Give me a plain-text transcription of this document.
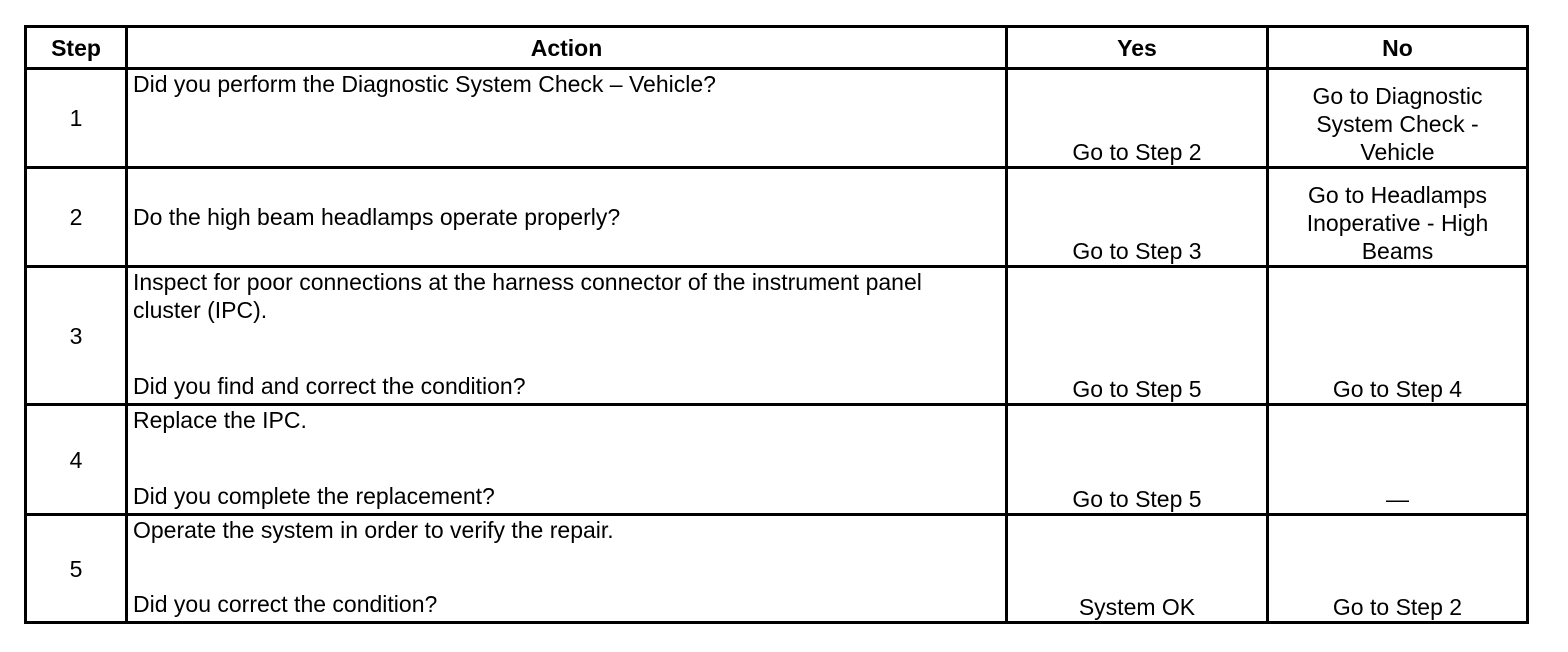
Step	Action	Yes	No
1	Did you perform the Diagnostic System Check – Vehicle?	Go to Step 2	Go to Diagnostic
System Check -
Vehicle

2	Do the high beam headlamps operate properly?	Go to Step 3	Go to Headlamps
Inoperative - High
Beams

3	Inspect for poor connections at the harness connector of the instrument panel
cluster (IPC).
Did you find and correct the condition?	Go to Step 5	Go to Step 4
4	Replace the IPC.
Did you complete the replacement?	Go to Step 5	—
5	Operate the system in order to verify the repair.
Did you correct the condition?	System OK	Go to Step 2
